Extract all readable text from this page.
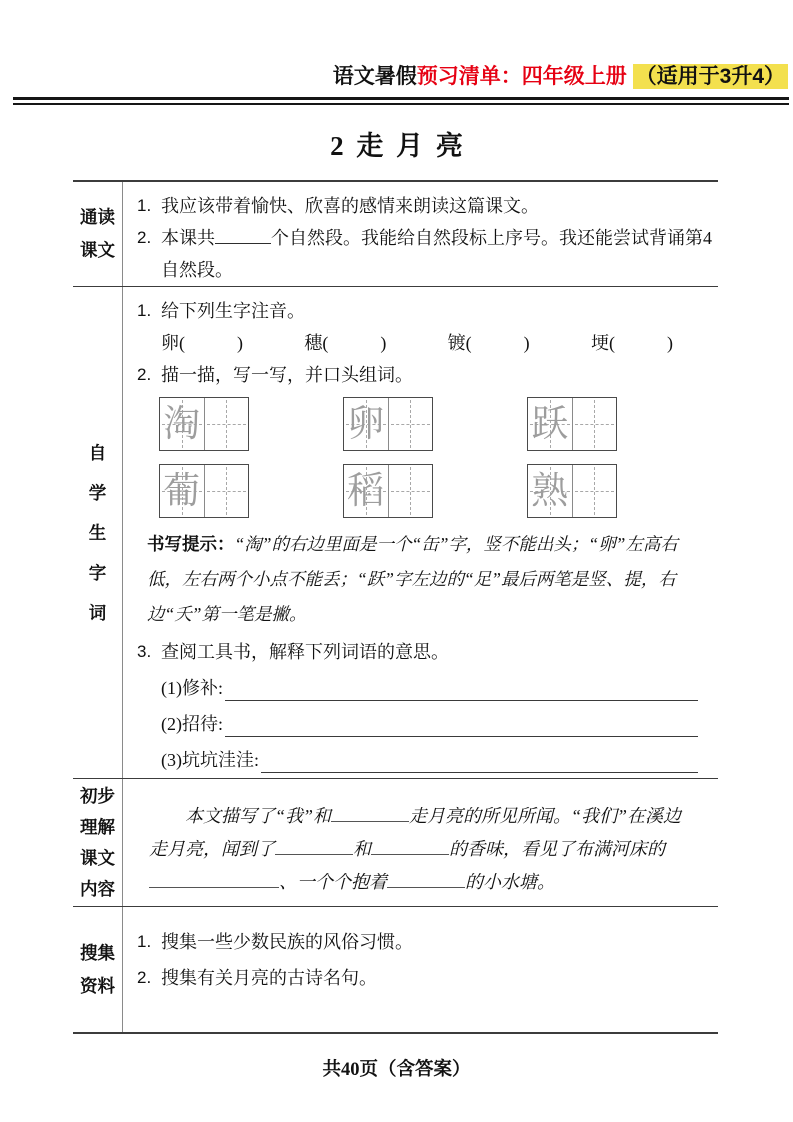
语文暑假预习清单：四年级上册 （适用于3升4）
2 走 月 亮
通读
课文
1. 我应该带着愉快、欣喜的感情来朗读这篇课文。
2. 本课共	个自然段。我能给自然段标上序号。我还能尝试背诵第4自然段。
自
学
生
字
词
1. 给下列生字注音。
卵(	)	穗(	)	镀(	)	埂(	)
2. 描一描，写一写，并口头组词。
淘	卵	跃
葡	稻	熟
书写提示：“淘”的右边里面是一个“缶”字，竖不能出头；“卵”左高右低，左右两个小点不能丢；“跃”字左边的“足”最后两笔是竖、提，右边“夭”第一笔是撇。
3. 查阅工具书，解释下列词语的意思。
(1) 修补:
(2) 招待:
(3) 坑坑洼洼:
初步
理解
课文
内容
本文描写了“我”和	走月亮的所见所闻。“我们”在溪边走月亮，闻到了	和	的香味，看见了布满河床的、一个个抱着	的小水塘。
搜集
资料
1. 搜集一些少数民族的风俗习惯。
2. 搜集有关月亮的古诗名句。
共40页（含答案）
